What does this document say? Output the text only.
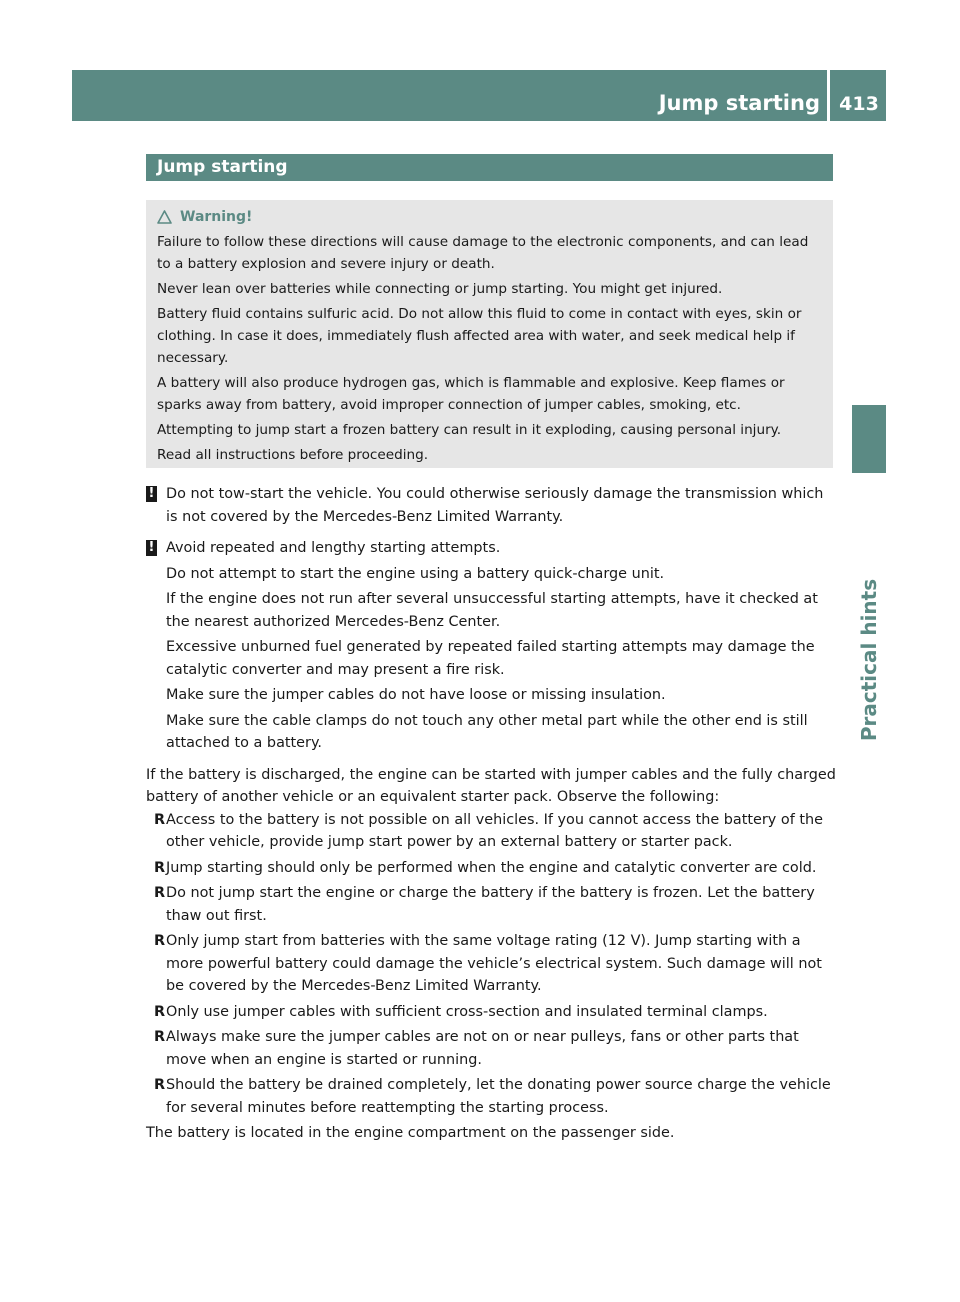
Jump starting	413
Practical hints
Jump starting
Warning!

Failure to follow these directions will cause damage to the electronic components, and can lead to a battery explosion and severe injury or death.

Never lean over batteries while connecting or jump starting. You might get injured.

Battery fluid contains sulfuric acid. Do not allow this fluid to come in contact with eyes, skin or clothing. In case it does, immediately flush affected area with water, and seek medical help if necessary.

A battery will also produce hydrogen gas, which is flammable and explosive. Keep flames or sparks away from battery, avoid improper connection of jumper cables, smoking, etc.

Attempting to jump start a frozen battery can result in it exploding, causing personal injury.

Read all instructions before proceeding.

! Do not tow-start the vehicle. You could otherwise seriously damage the transmission which is not covered by the Mercedes-Benz Limited Warranty.

! Avoid repeated and lengthy starting attempts.

Do not attempt to start the engine using a battery quick-charge unit.

If the engine does not run after several unsuccessful starting attempts, have it checked at the nearest authorized Mercedes-Benz Center.

Excessive unburned fuel generated by repeated failed starting attempts may damage the catalytic converter and may present a fire risk.

Make sure the jumper cables do not have loose or missing insulation.

Make sure the cable clamps do not touch any other metal part while the other end is still attached to a battery.

If the battery is discharged, the engine can be started with jumper cables and the fully charged battery of another vehicle or an equivalent starter pack. Observe the following:

R Access to the battery is not possible on all vehicles. If you cannot access the battery of the other vehicle, provide jump start power by an external battery or starter pack.
R Jump starting should only be performed when the engine and catalytic converter are cold.
R Do not jump start the engine or charge the battery if the battery is frozen. Let the battery thaw out first.
R Only jump start from batteries with the same voltage rating (12 V). Jump starting with a more powerful battery could damage the vehicle’s electrical system. Such damage will not be covered by the Mercedes-Benz Limited Warranty.
R Only use jumper cables with sufficient cross-section and insulated terminal clamps.
R Always make sure the jumper cables are not on or near pulleys, fans or other parts that move when an engine is started or running.
R Should the battery be drained completely, let the donating power source charge the vehicle for several minutes before reattempting the starting process.

The battery is located in the engine compartment on the passenger side.
